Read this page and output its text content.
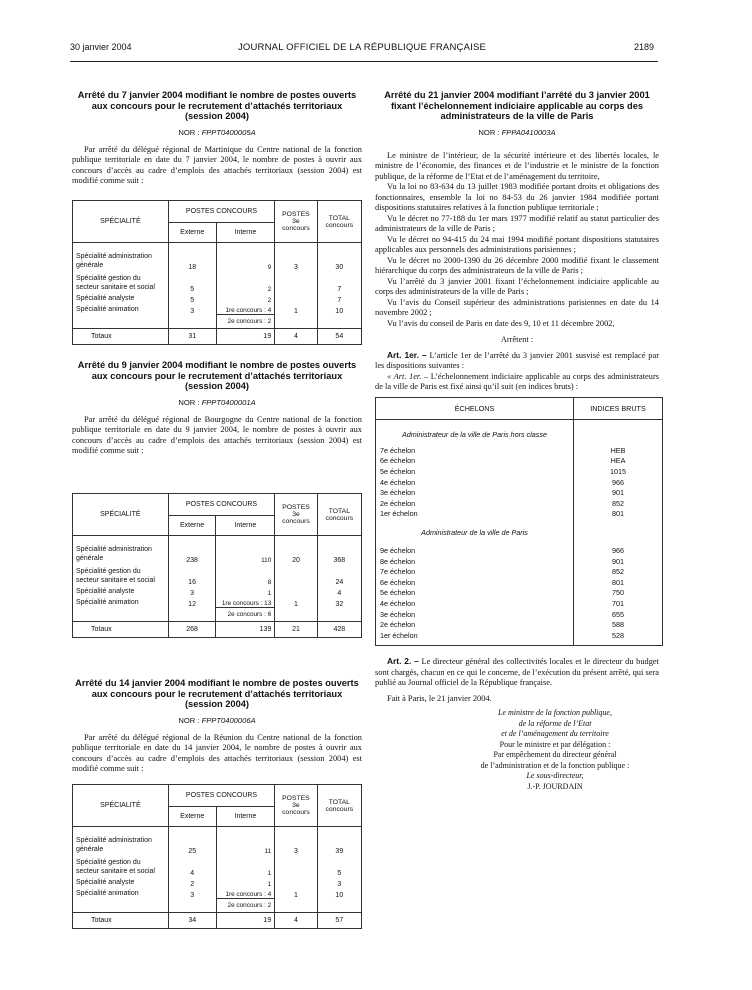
30 janvier 2004	JOURNAL OFFICIEL DE LA RÉPUBLIQUE FRANÇAISE	2189

Arrêté du 7 janvier 2004 modifiant le nombre de postes ouverts aux concours pour le recrutement d’attachés territoriaux (session 2004)

NOR : FPPT0400005A

Par arrêté du délégué régional de Martinique du Centre national de la fonction publique territoriale en date du 7 janvier 2004, le nombre de postes à ouvrir aux concours d’accès au cadre d’emplois des attachés territoriaux (session 2004) est modifié comme suit :

SPÉCIALITÉ	POSTES CONCOURS		POSTES 3e concours	TOTAL concours
	Externe	Interne		

Spécialité administration générale	18	9	3	30
Spécialité gestion du secteur sanitaire et social	5	2		7
Spécialité analyste	5	2		7
Spécialité animation	3	1re concours : 4	1	10
		2e concours : 2		
Totaux	31	19	4	54

Arrêté du 9 janvier 2004 modifiant le nombre de postes ouverts aux concours pour le recrutement d’attachés territoriaux (session 2004)

NOR : FPPT0400001A

Par arrêté du délégué régional de Bourgogne du Centre national de la fonction publique territoriale en date du 9 janvier 2004, le nombre de postes à ouvrir aux concours d’accès au cadre d’emplois des attachés territoriaux (session 2004) est modifié comme suit :

SPÉCIALITÉ	POSTES CONCOURS		POSTES 3e concours	TOTAL concours
	Externe	Interne		

Spécialité administration générale	238	110	20	368
Spécialité gestion du secteur sanitaire et social	16	8		24
Spécialité analyste	3	1		4
Spécialité animation	12	1re concours : 13	1	32
		2e concours : 6		
Totaux	268	139	21	428

Arrêté du 14 janvier 2004 modifiant le nombre de postes ouverts aux concours pour le recrutement d’attachés territoriaux (session 2004)

NOR : FPPT0400006A

Par arrêté du délégué régional de la Réunion du Centre national de la fonction publique territoriale en date du 14 janvier 2004, le nombre de postes à ouvrir aux concours d’accès au cadre d’emplois des attachés territoriaux (session 2004) est modifié comme suit :

SPÉCIALITÉ	POSTES CONCOURS		POSTES 3e concours	TOTAL concours
	Externe	Interne		

Spécialité administration générale	25	11	3	39
Spécialité gestion du secteur sanitaire et social	4	1		5
Spécialité analyste	2	1		3
Spécialité animation	3	1re concours : 4	1	10
		2e concours : 2		
Totaux	34	19	4	57

Arrêté du 21 janvier 2004 modifiant l’arrêté du 3 janvier 2001 fixant l’échelonnement indiciaire applicable au corps des administrateurs de la ville de Paris

NOR : FPPA0410003A

Le ministre de l’intérieur, de la sécurité intérieure et des libertés locales, le ministre de l’économie, des finances et de l’industrie et le ministre de la fonction publique, de la réforme de l’Etat et de l’aménagement du territoire,

Vu la loi no 83-634 du 13 juillet 1983 modifiée portant droits et obligations des fonctionnaires, ensemble la loi no 84-53 du 26 janvier 1984 modifiée portant dispositions statutaires relatives à la fonction publique territoriale ;

Vu le décret no 77-188 du 1er mars 1977 modifié relatif au statut particulier des administrateurs de la ville de Paris ;

Vu le décret no 94-415 du 24 mai 1994 modifié portant dispositions statutaires applicables aux personnels des administrations parisiennes ;

Vu le décret no 2000-1390 du 26 décembre 2000 modifié fixant le classement hiérarchique du corps des administrateurs de la ville de Paris ;

Vu l’arrêté du 3 janvier 2001 fixant l’échelonnement indiciaire applicable au corps des administrateurs de la ville de Paris ;

Vu l’avis du Conseil supérieur des administrations parisiennes en date du 14 novembre 2002 ;

Vu l’avis du conseil de Paris en date des 9, 10 et 11 décembre 2002,

Arrêtent :

Art. 1er. – L’article 1er de l’arrêté du 3 janvier 2001 susvisé est remplacé par les dispositions suivantes :

« Art. 1er. – L’échelonnement indiciaire applicable au corps des administrateurs de la ville de Paris est fixé ainsi qu’il suit (en indices bruts) :

ÉCHELONS	INDICES BRUTS
Administrateur de la ville de Paris hors classe	

7e échelon	HEB
6e échelon	HEA
5e échelon	1015
4e échelon	966
3e échelon	901
2e échelon	852
1er échelon	801
Administrateur de la ville de Paris	

9e échelon	966
8e échelon	901
7e échelon	852
6e échelon	801
5e échelon	750
4e échelon	701
3e échelon	655
2e échelon	588
1er échelon	528

Art. 2. – Le directeur général des collectivités locales et le directeur du budget sont chargés, chacun en ce qui le concerne, de l’exécution du présent arrêté, qui sera publié au Journal officiel de la République française.

Fait à Paris, le 21 janvier 2004.

Le ministre de la fonction publique,
de la réforme de l’Etat
et de l’aménagement du territoire
Pour le ministre et par délégation :
Par empêchement du directeur général
de l’administration et de la fonction publique :
Le sous-directeur,
J.-P. JOURDAIN
